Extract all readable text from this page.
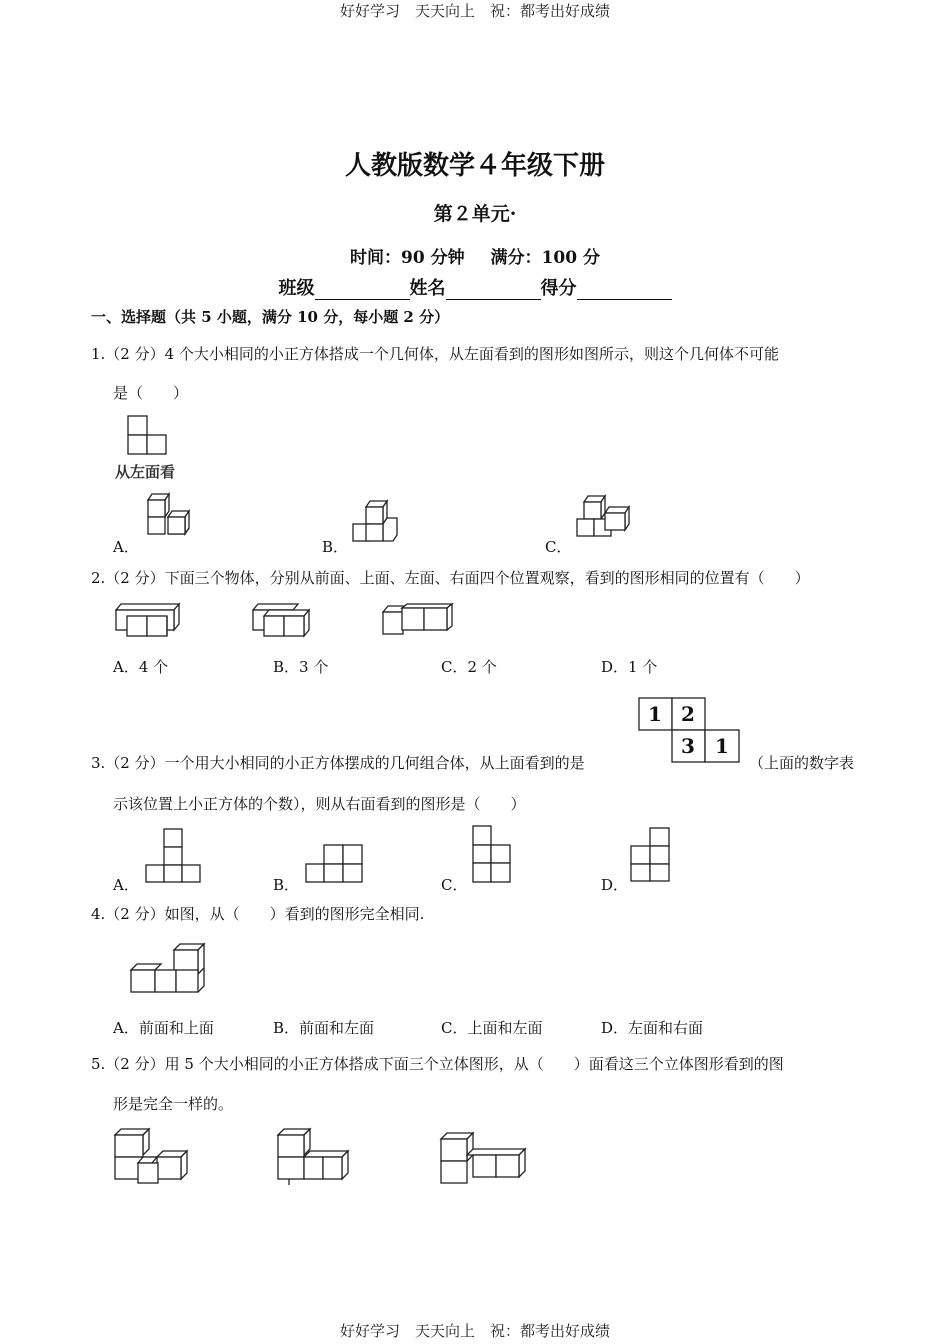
好好学习　天天向上　祝：都考出好成绩
人教版数学４年级下册
第２单元·
时间：90 分钟 满分：100 分
班级	姓名	得分
一、选择题（共 5 小题，满分 10 分，每小题 2 分）
1.（2 分）4 个大小相同的小正方体搭成一个几何体，从左面看到的图形如图所示，则这个几何体不可能
是（　　）
从左面看
A．	B．	C．
2.（2 分）下面三个物体，分别从前面、上面、左面、右面四个位置观察，看到的图形相同的位置有（　　）
A．4 个	B．3 个	C．2 个	D．1 个
1 2
3	1
3.（2 分）一个用大小相同的小正方体摆成的几何组合体，从上面看到的是	（上面的数字表
示该位置上小正方体的个数），则从右面看到的图形是（　　）
A．	B．	C．	D．
4.（2 分）如图，从（　　）看到的图形完全相同.
A．前面和上面	B．前面和左面	C．上面和左面	D．左面和右面
5.（2 分）用 5 个大小相同的小正方体搭成下面三个立体图形，从（　　）面看这三个立体图形看到的图
形是完全一样的。
好好学习　天天向上　祝：都考出好成绩
